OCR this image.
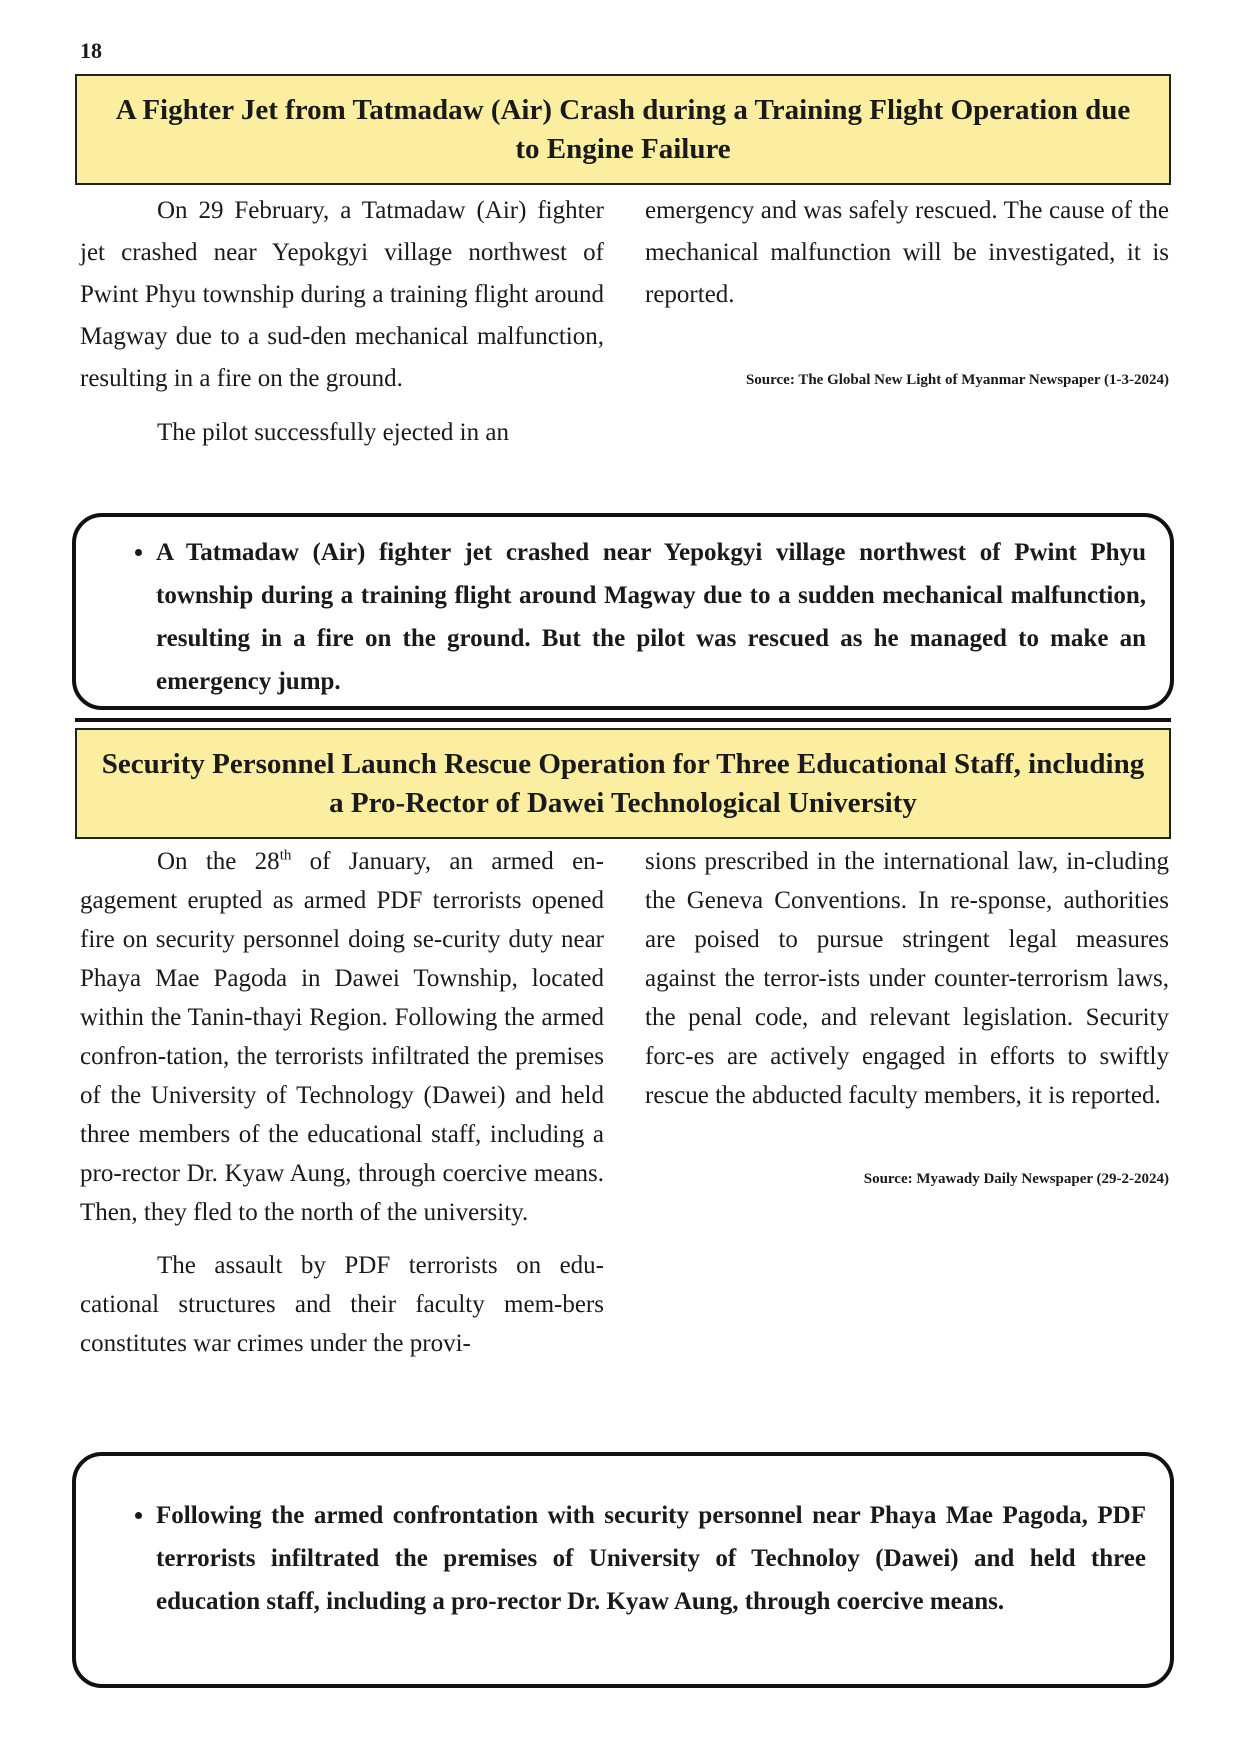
18

A Fighter Jet from Tatmadaw (Air) Crash during a Training Flight Operation due to Engine Failure

On 29 February, a Tatmadaw (Air) fighter jet crashed near Yepokgyi village northwest of Pwint Phyu township during a training flight around Magway due to a sud-den mechanical malfunction, resulting in a fire on the ground.

The pilot successfully ejected in an

emergency and was safely rescued. The cause of the mechanical malfunction will be investigated, it is reported.

Source: The Global New Light of Myanmar Newspaper (1-3-2024)

• A Tatmadaw (Air) fighter jet crashed near Yepokgyi village northwest of Pwint Phyu township during a training flight around Magway due to a sudden mechanical malfunction, resulting in a fire on the ground. But the pilot was rescued as he managed to make an emergency jump.
Security Personnel Launch Rescue Operation for Three Educational Staff, including a Pro-Rector of Dawei Technological University

On the 28th of January, an armed en-gagement erupted as armed PDF terrorists opened fire on security personnel doing se-curity duty near Phaya Mae Pagoda in Dawei Township, located within the Tanin-thayi Region. Following the armed confron-tation, the terrorists infiltrated the premises of the University of Technology (Dawei) and held three members of the educational staff, including a pro-rector Dr. Kyaw Aung, through coercive means. Then, they fled to the north of the university.

The assault by PDF terrorists on edu-cational structures and their faculty mem-bers constitutes war crimes under the provi-

sions prescribed in the international law, in-cluding the Geneva Conventions. In re-sponse, authorities are poised to pursue stringent legal measures against the terror-ists under counter-terrorism laws, the penal code, and relevant legislation. Security forc-es are actively engaged in efforts to swiftly rescue the abducted faculty members, it is reported.

Source: Myawady Daily Newspaper (29-2-2024)

• Following the armed confrontation with security personnel near Phaya Mae Pagoda, PDF terrorists infiltrated the premises of University of Technoloy (Dawei) and held three education staff, including a pro-rector Dr. Kyaw Aung, through coercive means.
